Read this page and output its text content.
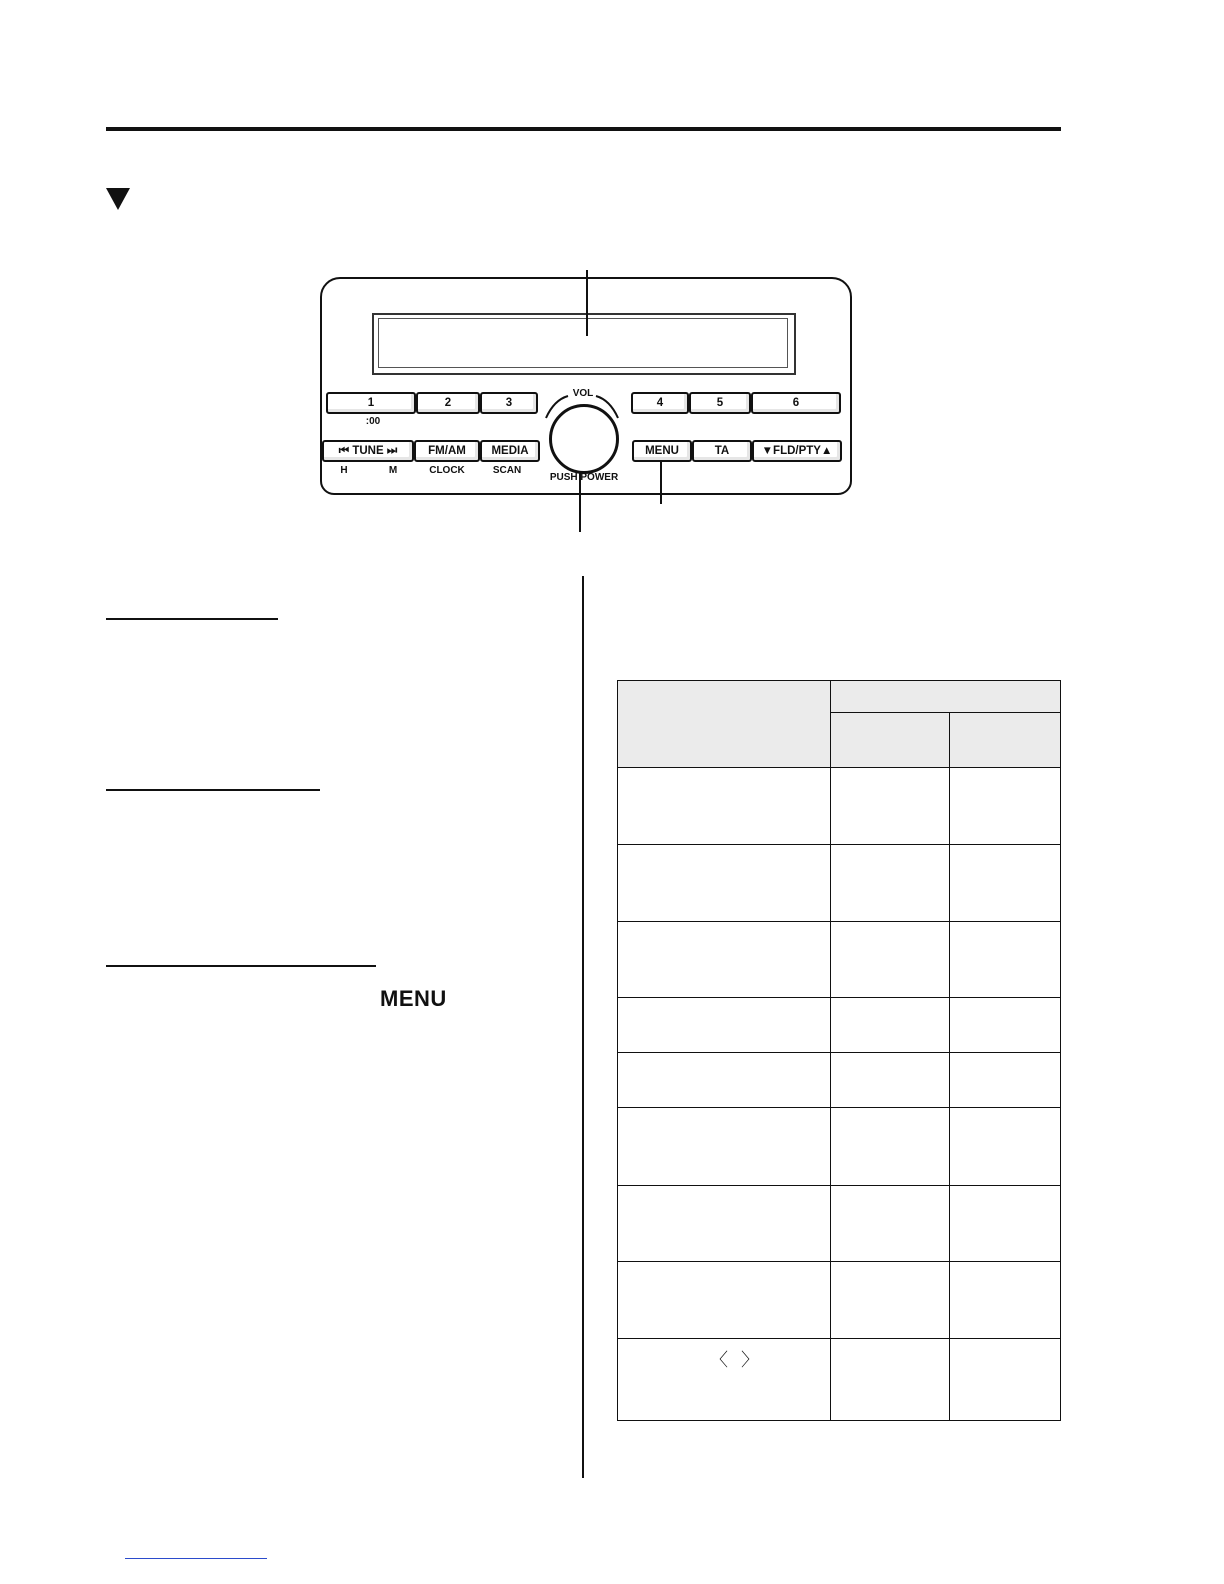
1	2	3	4	5	6
:00
VOL
PUSH POWER
⏮ TUNE ⏭	FM/AM	MEDIA	MENU	TA	▼FLD/PTY▲
H	M	CLOCK	SCAN
MENU

〈 〉
